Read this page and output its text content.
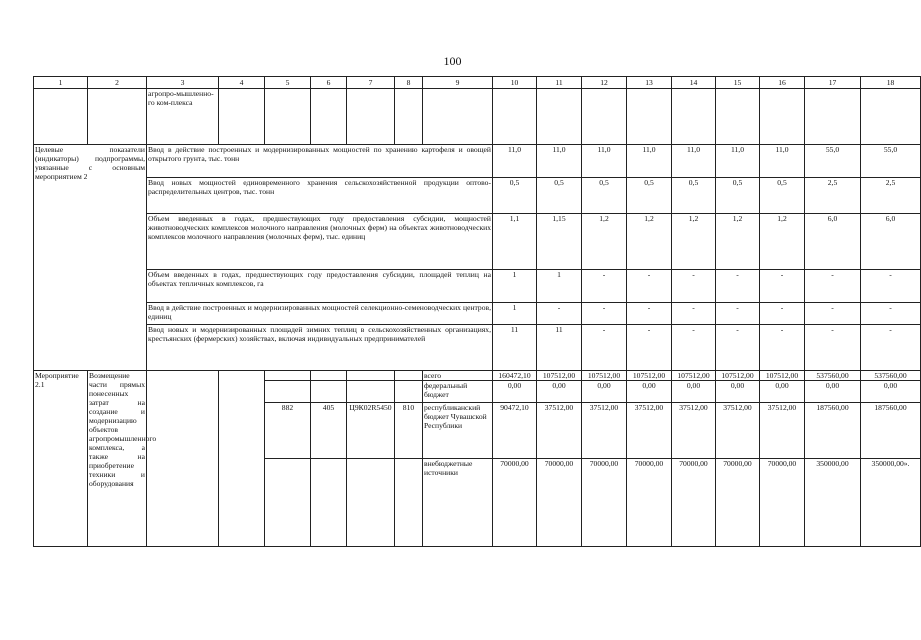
100
1	2	3	4	5	6	7	8	9	10	11	12	13	14	15	16	17	18
		агропро-мышленно-го ком-плекса															
Целевые показатели (индикаторы) подпрограммы, увязанные с основным мероприятием 2		Ввод в действие построенных и модернизированных мощностей по хранению картофеля и овощей открытого грунта, тыс. тонн							11,0	11,0	11,0	11,0	11,0	11,0	11,0	55,0	55,0
		Ввод новых мощностей единовременного хранения сельскохозяйственной продукции оптово-распределительных центров, тыс. тонн							0,5	0,5	0,5	0,5	0,5	0,5	0,5	2,5	2,5
		Объем введенных в годах, предшествующих году предоставления субсидии, мощностей животноводческих комплексов молочного направления (молочных ферм) на объектах животноводческих комплексов молочного направления (молочных ферм), тыс. единиц							1,1	1,15	1,2	1,2	1,2	1,2	1,2	6,0	6,0
		Объем введенных в годах, предшествующих году предоставления субсидии, площадей теплиц на объектах тепличных комплексов, га							1	1	-	-	-	-	-	-	-
		Ввод в действие построенных и модернизированных мощностей селекционно-семеноводческих центров, единиц							1	-	-	-	-	-	-	-	-
		Ввод новых и модернизированных площадей зимних теплиц в сельскохозяйственных организациях, крестьянских (фермерских) хозяйствах, включая индивидуальных предпринимателей							11	11	-	-	-	-	-	-	-
Мероприятие 2.1	Возмещение части прямых понесенных затрат на создание и модернизацию объектов агропромышленного комплекса, а также на приобретение техники и оборудования							всего	160472,10	107512,00	107512,00	107512,00	107512,00	107512,00	107512,00	537560,00	537560,00
								федеральный бюджет	0,00	0,00	0,00	0,00	0,00	0,00	0,00	0,00	0,00
				882	405	Ц9К02R5450	810	республиканский бюджет Чувашской Республики	90472,10	37512,00	37512,00	37512,00	37512,00	37512,00	37512,00	187560,00	187560,00
								внебюджетные источники	70000,00	70000,00	70000,00	70000,00	70000,00	70000,00	70000,00	350000,00	350000,00».
